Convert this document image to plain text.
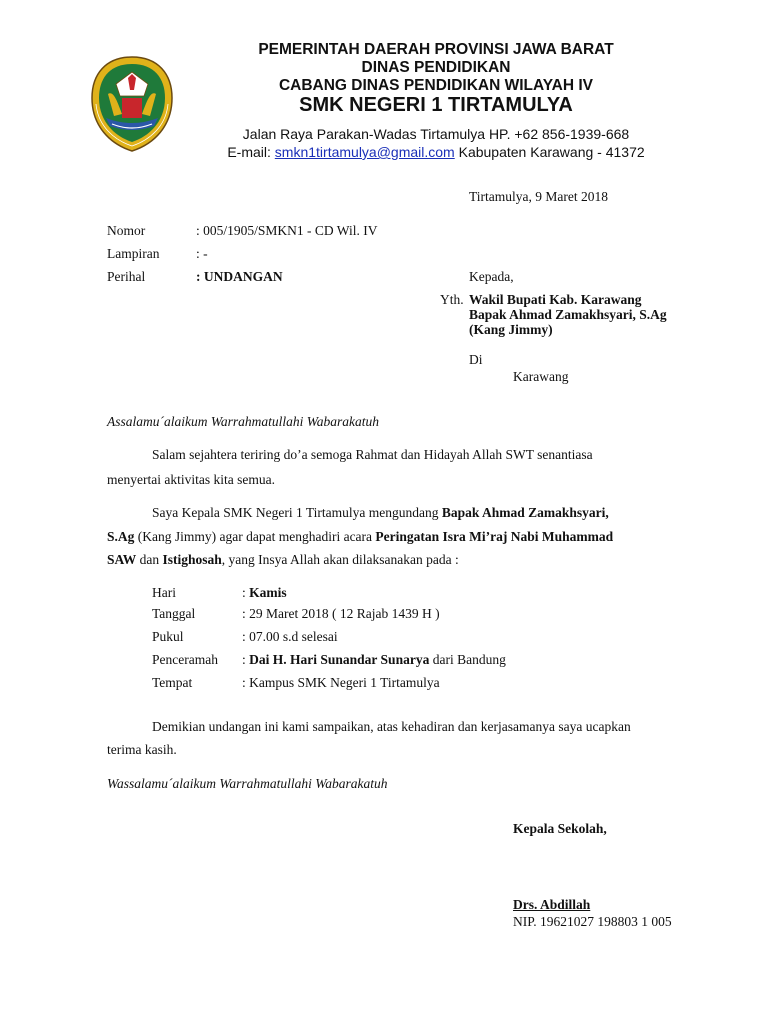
PEMERINTAH DAERAH PROVINSI JAWA BARAT
DINAS PENDIDIKAN
CABANG DINAS PENDIDIKAN WILAYAH IV
SMK NEGERI 1 TIRTAMULYA
Jalan Raya Parakan-Wadas Tirtamulya HP. +62 856-1939-668
E-mail: smkn1tirtamulya@gmail.com Kabupaten Karawang - 41372
Tirtamulya, 9 Maret 2018
Nomor	: 005/1905/SMKN1 - CD Wil. IV
Lampiran	: -
Perihal	: UNDANGAN	Kepada,
Yth. Wakil Bupati Kab. Karawang
Bapak Ahmad Zamakhsyari, S.Ag
(Kang Jimmy)
Di
Karawang
Assalamu´alaikum Warrahmatullahi Wabarakatuh
Salam sejahtera teriring do’a semoga Rahmat dan Hidayah Allah SWT senantiasa
menyertai aktivitas kita semua.
Saya Kepala SMK Negeri 1 Tirtamulya mengundang Bapak Ahmad Zamakhsyari,
S.Ag (Kang Jimmy) agar dapat menghadiri acara Peringatan Isra Mi’raj Nabi Muhammad
SAW dan Istighosah, yang Insya Allah akan dilaksanakan pada :
Hari	: Kamis
Tanggal	: 29 Maret 2018 ( 12 Rajab 1439 H )
Pukul	: 07.00 s.d selesai
Penceramah : Dai H. Hari Sunandar Sunarya dari Bandung
Tempat	: Kampus SMK Negeri 1 Tirtamulya
Demikian undangan ini kami sampaikan, atas kehadiran dan kerjasamanya saya ucapkan
terima kasih.
Wassalamu´alaikum Warrahmatullahi Wabarakatuh
Kepala Sekolah,
Drs. Abdillah
NIP. 19621027 198803 1 005
